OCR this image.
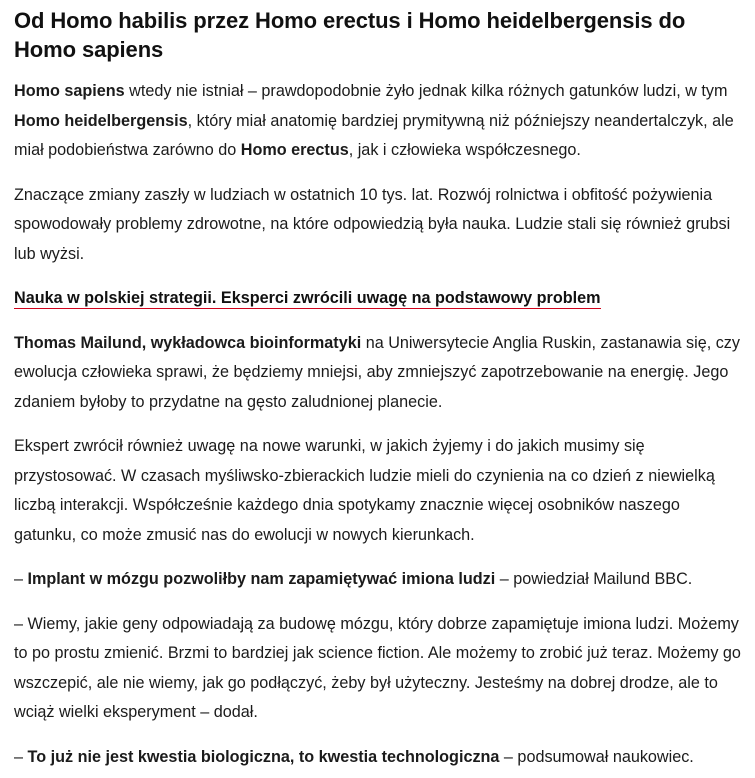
Od Homo habilis przez Homo erectus i Homo heidelbergensis do Homo sapiens

Homo sapiens wtedy nie istniał – prawdopodobnie żyło jednak kilka różnych gatunków ludzi, w tym Homo heidelbergensis, który miał anatomię bardziej prymitywną niż późniejszy neandertalczyk, ale miał podobieństwa zarówno do Homo erectus, jak i człowieka współczesnego.

Znaczące zmiany zaszły w ludziach w ostatnich 10 tys. lat. Rozwój rolnictwa i obfitość pożywienia spowodowały problemy zdrowotne, na które odpowiedzią była nauka. Ludzie stali się również grubsi lub wyżsi.

Nauka w polskiej strategii. Eksperci zwrócili uwagę na podstawowy problem

Thomas Mailund, wykładowca bioinformatyki na Uniwersytecie Anglia Ruskin, zastanawia się, czy ewolucja człowieka sprawi, że będziemy mniejsi, aby zmniejszyć zapotrzebowanie na energię. Jego zdaniem byłoby to przydatne na gęsto zaludnionej planecie.

Ekspert zwrócił również uwagę na nowe warunki, w jakich żyjemy i do jakich musimy się przystosować. W czasach myśliwsko-zbierackich ludzie mieli do czynienia na co dzień z niewielką liczbą interakcji. Współcześnie każdego dnia spotykamy znacznie więcej osobników naszego gatunku, co może zmusić nas do ewolucji w nowych kierunkach.

– Implant w mózgu pozwoliłby nam zapamiętywać imiona ludzi – powiedział Mailund BBC.

– Wiemy, jakie geny odpowiadają za budowę mózgu, który dobrze zapamiętuje imiona ludzi. Możemy to po prostu zmienić. Brzmi to bardziej jak science fiction. Ale możemy to zrobić już teraz. Możemy go wszczepić, ale nie wiemy, jak go podłączyć, żeby był użyteczny. Jesteśmy na dobrej drodze, ale to wciąż wielki eksperyment – dodał.

– To już nie jest kwestia biologiczna, to kwestia technologiczna – podsumował naukowiec.
